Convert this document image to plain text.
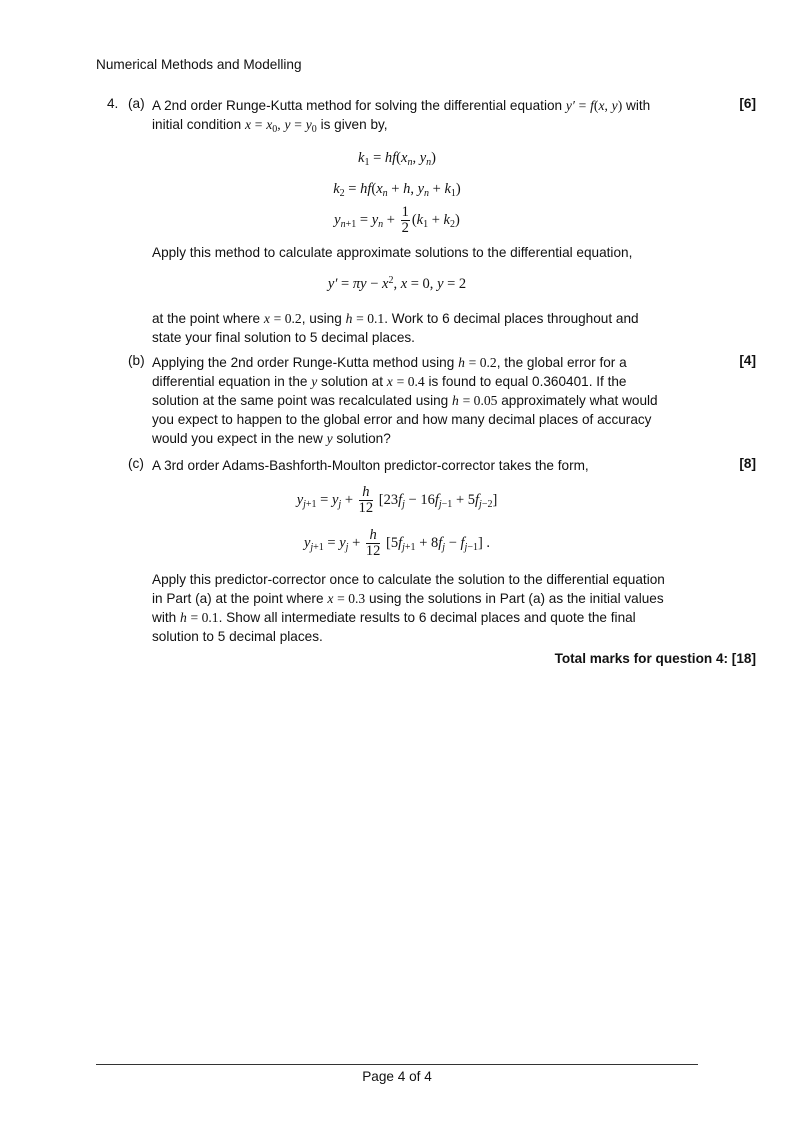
Numerical Methods and Modelling
4. (a)	[6]
A 2nd order Runge-Kutta method for solving the differential equation y′ = f(x, y) with
initial condition $x = x_0$, $y = y_0$ is given by,
$k_1 = hf(x_n$, $y_n$)
$k_2 = hf(x_n + h$, $y_n + k_1$)
$y_{n+1} = y_n + \frac{1}{2} (k_1 + k_2)$
Apply this method to calculate approximate solutions to the differential equation,
$y' = \pi y - x^2$, x = 0, y = 2
at the point where x = 0.2, using h = 0.1. Work to 6 decimal places throughout and
state your final solution to 5 decimal places.
(b)	[4]
Applying the 2nd order Runge-Kutta method using h = 0.2, the global error for a
differential equation in the y solution at x = 0.4 is found to equal 0.360401. If the
solution at the same point was recalculated using h = 0.05 approximately what would
you expect to happen to the global error and how many decimal places of accuracy
would you expect in the new y solution?
(c)	[8]
A 3rd order Adams-Bashforth-Moulton predictor-corrector takes the form,
$y_{j+1} = y_j + \frac{h}{12} [23f_j - 16f_{j-1} + 5f_{j-2}]$
$y_{j+1} = y_j + \frac{h}{12} [5f_{j+1} + 8f_j - f_{j-1}]$ .
Apply this predictor-corrector once to calculate the solution to the differential equation
in Part (a) at the point where x = 0.3 using the solutions in Part (a) as the initial values
with h = 0.1. Show all intermediate results to 6 decimal places and quote the final
solution to 5 decimal places.
Total marks for question 4: [18]
Page 4 of 4
